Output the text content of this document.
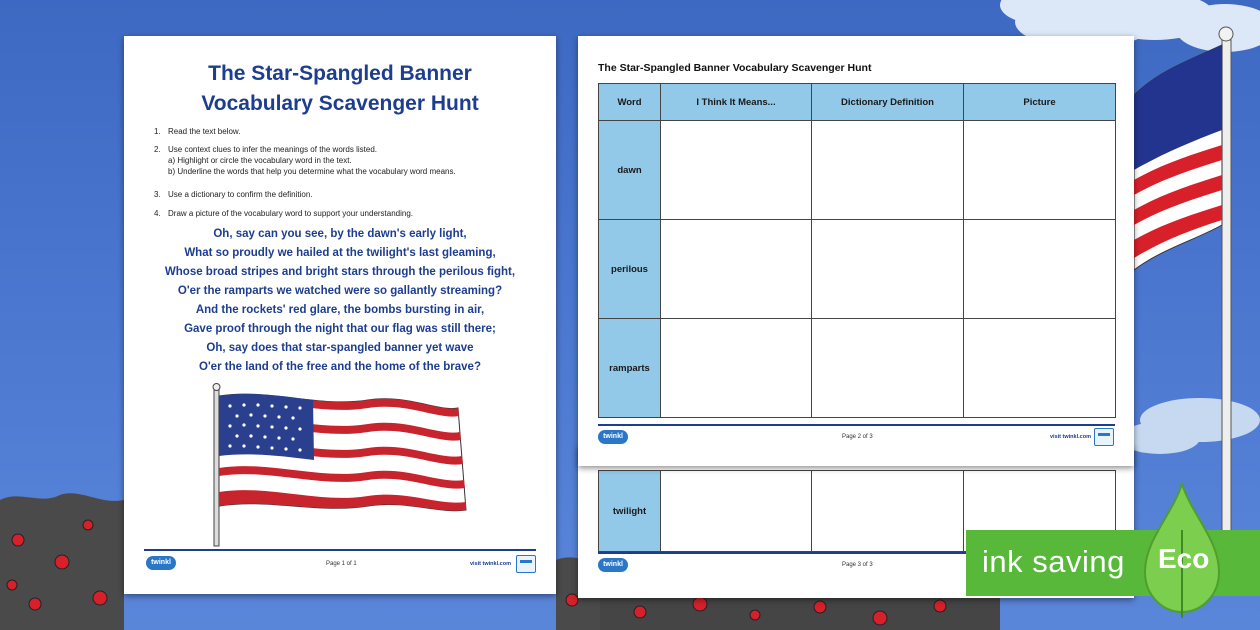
The Star-Spangled Banner
Vocabulary Scavenger Hunt
1. Read the text below.
2. Use context clues to infer the meanings of the words listed.
a) Highlight or circle the vocabulary word in the text.
b) Underline the words that help you determine what the vocabulary word means.
3. Use a dictionary to confirm the definition.
4. Draw a picture of the vocabulary word to support your understanding.
Oh, say can you see, by the dawn's early light,
What so proudly we hailed at the twilight's last gleaming,
Whose broad stripes and bright stars through the perilous fight,
O'er the ramparts we watched were so gallantly streaming?
And the rockets' red glare, the bombs bursting in air,
Gave proof through the night that our flag was still there;
Oh, say does that star-spangled banner yet wave
O'er the land of the free and the home of the brave?
twinkl	Page 1 of 1	visit twinkl.com
twilight			
twinkl	Page 3 of 3
The Star-Spangled Banner Vocabulary Scavenger Hunt
Word	I Think It Means...	Dictionary Definition	Picture
dawn			
perilous			
ramparts			
twinkl	Page 2 of 3	visit twinkl.com
ink saving Eco
